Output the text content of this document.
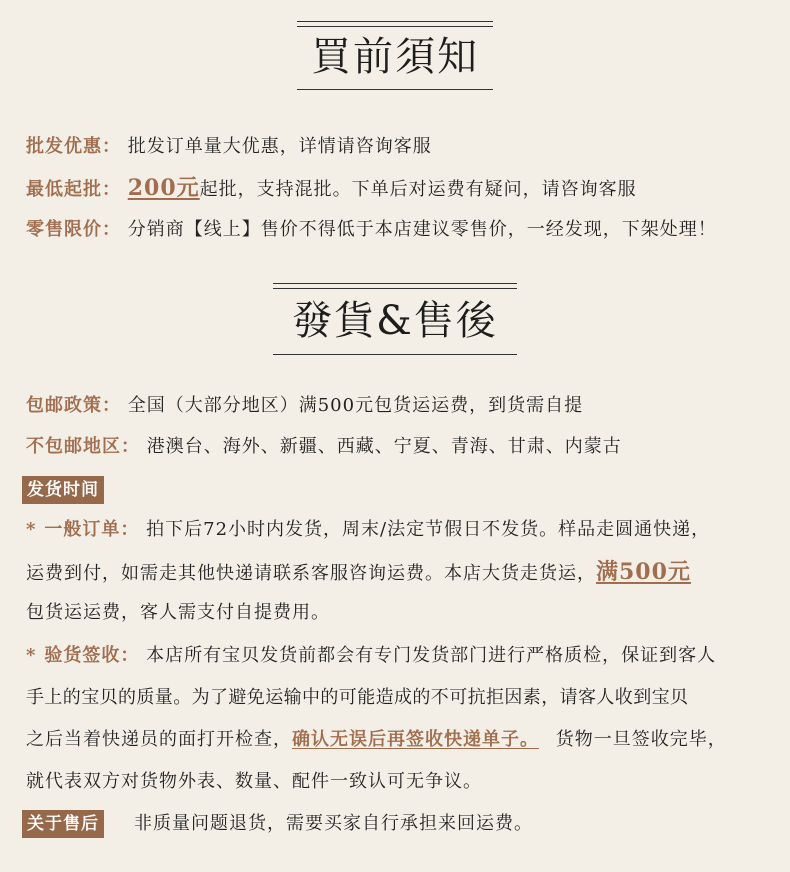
買前須知
批发优惠： 批发订单量大优惠，详情请咨询客服
最低起批： 200元起批，支持混批。下单后对运费有疑问，请咨询客服
零售限价： 分销商【线上】售价不得低于本店建议零售价，一经发现，下架处理！
發貨&售後
包邮政策： 全国（大部分地区）满500元包货运运费，到货需自提
不包邮地区： 港澳台、海外、新疆、西藏、宁夏、青海、甘肃、内蒙古
发货时间
* 一般订单： 拍下后72小时内发货，周末/法定节假日不发货。样品走圆通快递，
运费到付，如需走其他快递请联系客服咨询运费。本店大货走货运，满500元
包货运运费，客人需支付自提费用。
* 验货签收： 本店所有宝贝发货前都会有专门发货部门进行严格质检，保证到客人
手上的宝贝的质量。为了避免运输中的可能造成的不可抗拒因素，请客人收到宝贝
之后当着快递员的面打开检查，确认无误后再签收快递单子。 货物一旦签收完毕，
就代表双方对货物外表、数量、配件一致认可无争议。
关于售后 非质量问题退货，需要买家自行承担来回运费。
